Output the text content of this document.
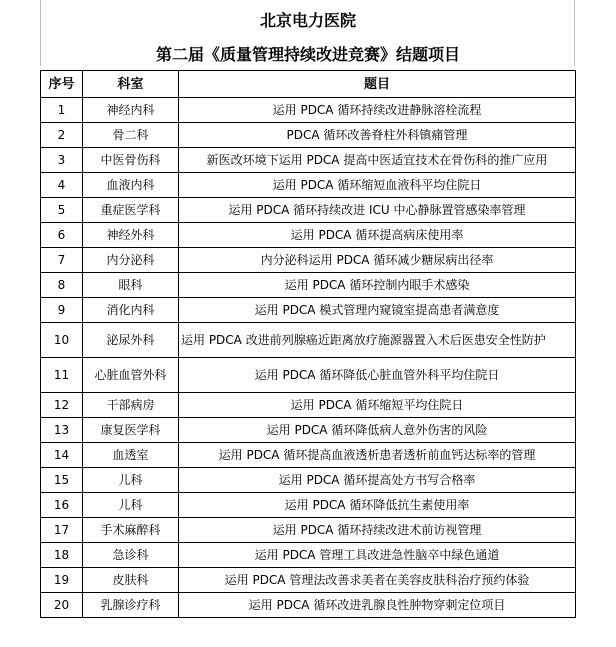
北京电力医院
第二届《质量管理持续改进竞赛》结题项目
序号	科室	题目
1	神经内科	运用 PDCA 循环持续改进静脉溶栓流程
2	骨二科	PDCA 循环改善脊柱外科镇痛管理
3	中医骨伤科	新医改环境下运用 PDCA 提高中医适宜技术在骨伤科的推广应用
4	血液内科	运用 PDCA 循环缩短血液科平均住院日
5	重症医学科	运用 PDCA 循环持续改进 ICU 中心静脉置管感染率管理
6	神经外科	运用 PDCA 循环提高病床使用率
7	内分泌科	内分泌科运用 PDCA 循环减少糖尿病出径率
8	眼科	运用 PDCA 循环控制内眼手术感染
9	消化内科	运用 PDCA 模式管理内窥镜室提高患者满意度
10	泌尿外科	运用 PDCA 改进前列腺癌近距离放疗施源器置入术后医患安全性防护
11	心脏血管外科	运用 PDCA 循环降低心脏血管外科平均住院日
12	干部病房	运用 PDCA 循环缩短平均住院日
13	康复医学科	运用 PDCA 循环降低病人意外伤害的风险
14	血透室	运用 PDCA 循环提高血液透析患者透析前血钙达标率的管理
15	儿科	运用 PDCA 循环提高处方书写合格率
16	儿科	运用 PDCA 循环降低抗生素使用率
17	手术麻醉科	运用 PDCA 循环持续改进术前访视管理
18	急诊科	运用 PDCA 管理工具改进急性脑卒中绿色通道
19	皮肤科	运用 PDCA 管理法改善求美者在美容皮肤科治疗预约体验
20	乳腺诊疗科	运用 PDCA 循环改进乳腺良性肿物穿刺定位项目
